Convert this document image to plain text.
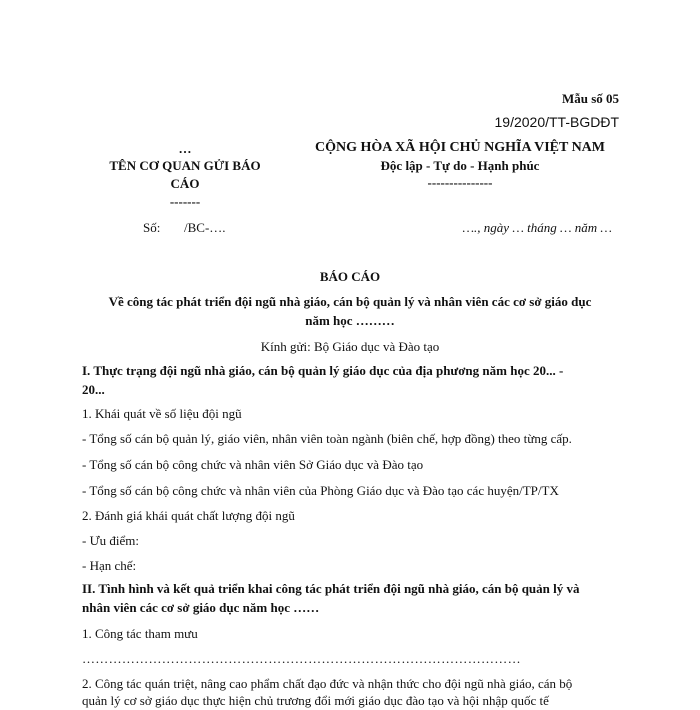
Mẫu số 05
19/2020/TT-BGDĐT
…
TÊN CƠ QUAN GỬI BÁO
CÁO
-------
CỘNG HÒA XÃ HỘI CHỦ NGHĨA VIỆT NAM
Độc lập - Tự do - Hạnh phúc
---------------
Số: /BC-….	…., ngày … tháng … năm …
BÁO CÁO
Về công tác phát triển đội ngũ nhà giáo, cán bộ quản lý và nhân viên các cơ sở giáo dục
năm học ………
Kính gửi: Bộ Giáo dục và Đào tạo
I. Thực trạng đội ngũ nhà giáo, cán bộ quản lý giáo dục của địa phương năm học 20... -
20...
1. Khái quát về số liệu đội ngũ
- Tổng số cán bộ quản lý, giáo viên, nhân viên toàn ngành (biên chế, hợp đồng) theo từng cấp.
- Tổng số cán bộ công chức và nhân viên Sở Giáo dục và Đào tạo
- Tổng số cán bộ công chức và nhân viên của Phòng Giáo dục và Đào tạo các huyện/TP/TX
2. Đánh giá khái quát chất lượng đội ngũ
- Ưu điểm:
- Hạn chế:
II. Tình hình và kết quả triển khai công tác phát triển đội ngũ nhà giáo, cán bộ quản lý và
nhân viên các cơ sở giáo dục năm học ……
1. Công tác tham mưu
………………………………………………………………………………………
2. Công tác quán triệt, nâng cao phẩm chất đạo đức và nhận thức cho đội ngũ nhà giáo, cán bộ
quản lý cơ sở giáo dục thực hiện chủ trương đổi mới giáo dục đào tạo và hội nhập quốc tế
